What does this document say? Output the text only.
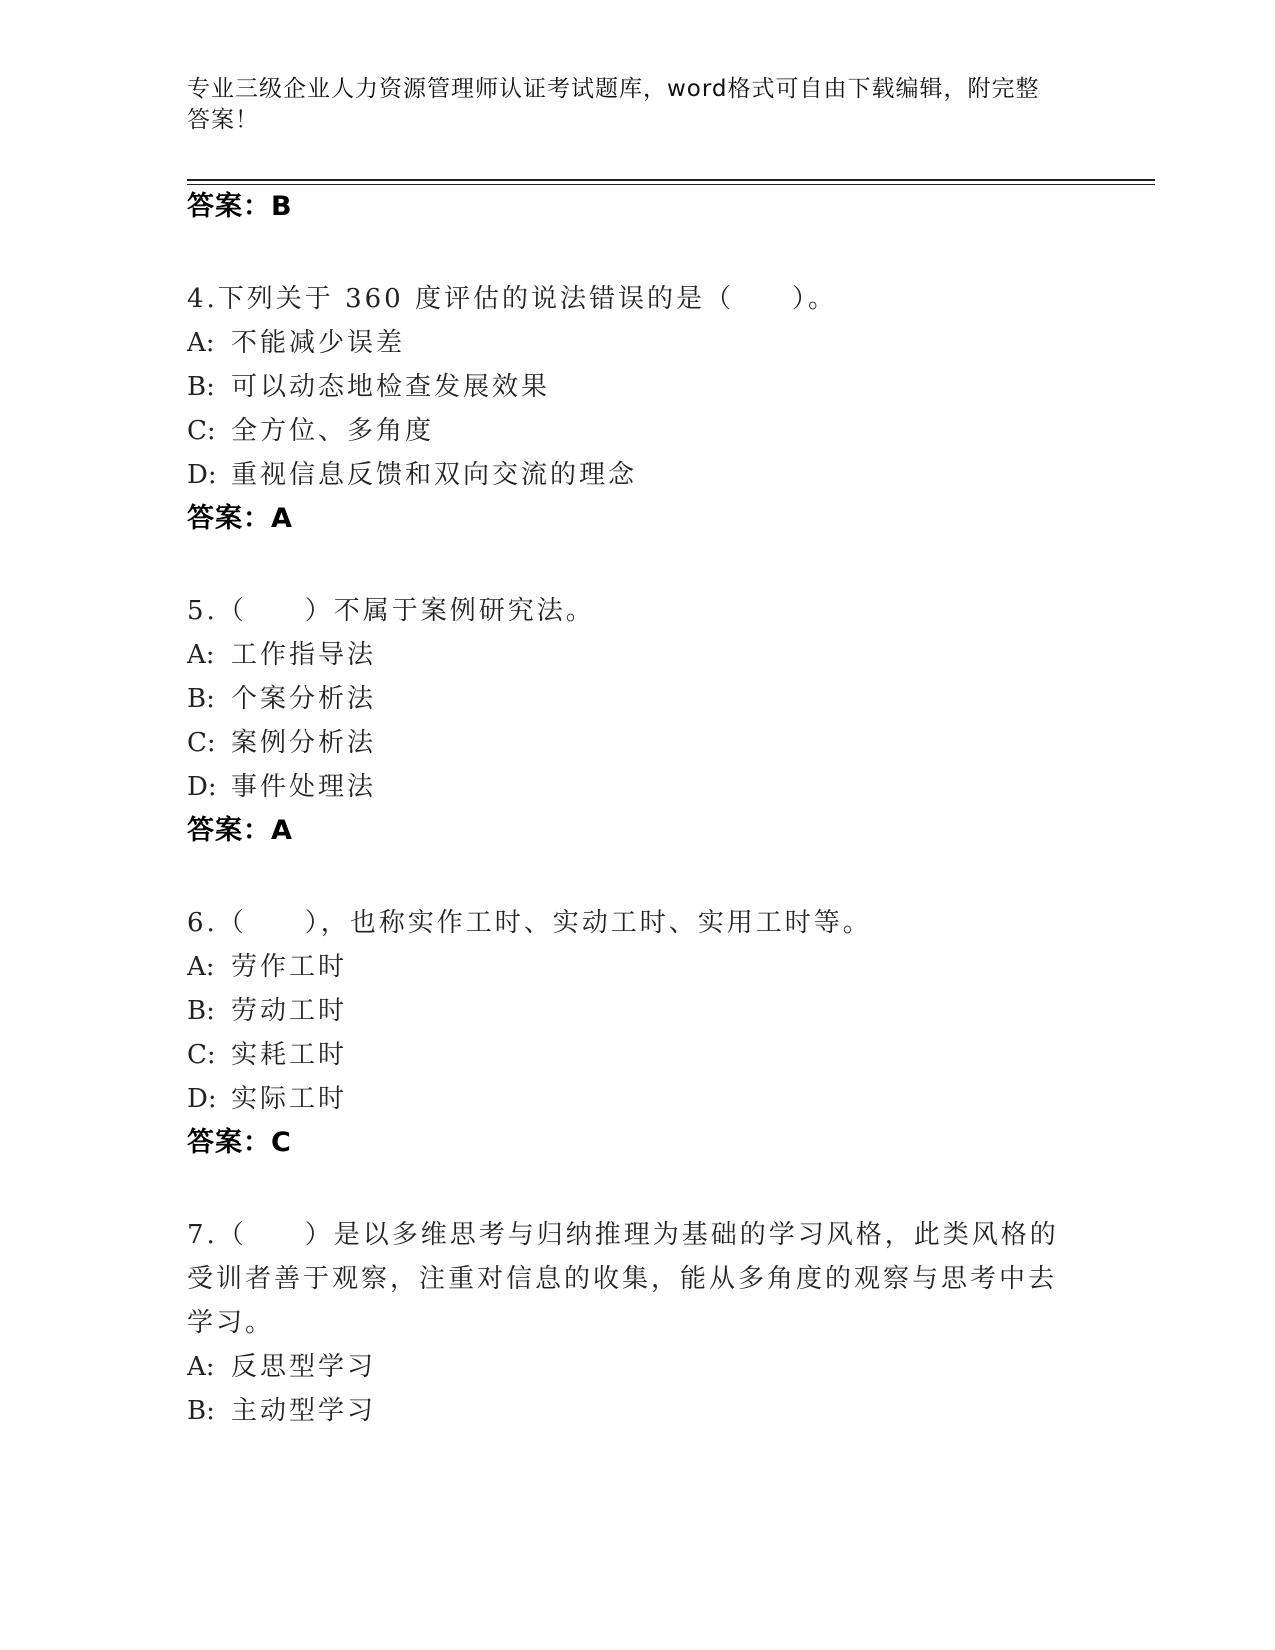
专业三级企业人力资源管理师认证考试题库，word格式可自由下载编辑，附完整
答案！

答案：B

4.下列关于 360 度评估的说法错误的是（　　）。

A: 不能减少误差

B: 可以动态地检查发展效果

C: 全方位、多角度

D: 重视信息反馈和双向交流的理念

答案：A

5.（　　）不属于案例研究法。

A: 工作指导法

B: 个案分析法

C: 案例分析法

D: 事件处理法

答案：A

6.（　　），也称实作工时、实动工时、实用工时等。

A: 劳作工时

B: 劳动工时

C: 实耗工时

D: 实际工时

答案：C

7.（　　）是以多维思考与归纳推理为基础的学习风格，此类风格的

受训者善于观察，注重对信息的收集，能从多角度的观察与思考中去

学习。

A: 反思型学习

B: 主动型学习
